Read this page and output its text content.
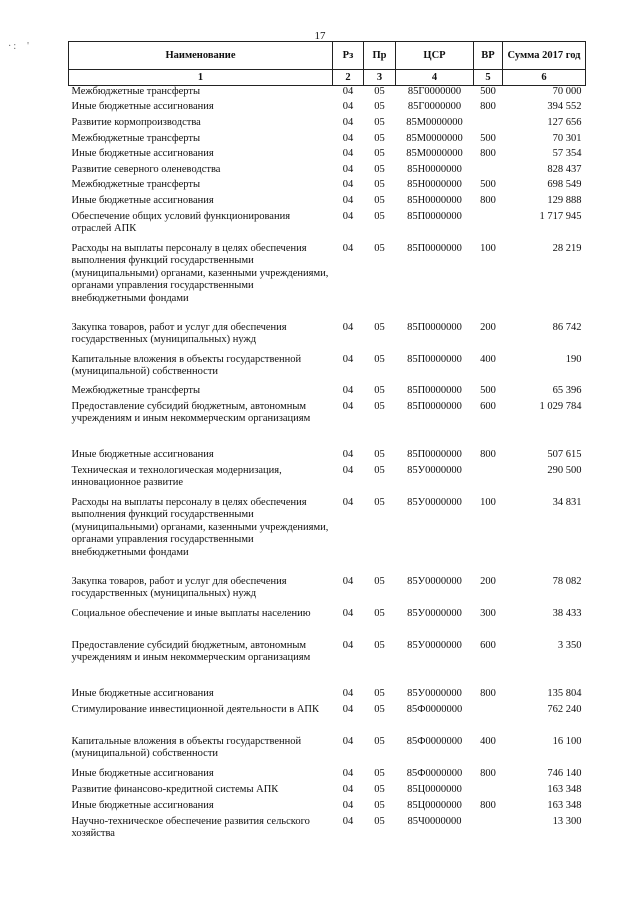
17
·:  '
Наименование	Рз	Пр	ЦСР	ВР	Сумма 2017 год
1	2	3	4	5	6
Межбюджетные трансферты	04	05	85Г0000000	500	70 000
Иные бюджетные ассигнования	04	05	85Г0000000	800	394 552
Развитие кормопроизводства	04	05	85М0000000		127 656
Межбюджетные трансферты	04	05	85М0000000	500	70 301
Иные бюджетные ассигнования	04	05	85М0000000	800	57 354
Развитие северного оленеводства	04	05	85Н0000000		828 437
Межбюджетные трансферты	04	05	85Н0000000	500	698 549
Иные бюджетные ассигнования	04	05	85Н0000000	800	129 888
Обеспечение общих условий функционирования отраслей АПК	04	05	85П0000000		1 717 945
Расходы на выплаты персоналу в целях обеспечения выполнения функций государственными (муниципальными) органами, казенными учреждениями, органами управления государственными внебюджетными фондами	04	05	85П0000000	100	28 219
Закупка товаров, работ и услуг для обеспечения государственных (муниципальных) нужд	04	05	85П0000000	200	86 742
Капитальные вложения в объекты государственной (муниципальной) собственности	04	05	85П0000000	400	190
Межбюджетные трансферты	04	05	85П0000000	500	65 396
Предоставление субсидий бюджетным, автономным учреждениям и иным некоммерческим организациям	04	05	85П0000000	600	1 029 784
Иные бюджетные ассигнования	04	05	85П0000000	800	507 615
Техническая и технологическая модернизация, инновационное развитие	04	05	85У0000000		290 500
Расходы на выплаты персоналу в целях обеспечения выполнения функций государственными (муниципальными) органами, казенными учреждениями, органами управления государственными внебюджетными фондами	04	05	85У0000000	100	34 831
Закупка товаров, работ и услуг для обеспечения государственных (муниципальных) нужд	04	05	85У0000000	200	78 082
Социальное обеспечение и иные выплаты населению	04	05	85У0000000	300	38 433
Предоставление субсидий бюджетным, автономным учреждениям и иным некоммерческим организациям	04	05	85У0000000	600	3 350
Иные бюджетные ассигнования	04	05	85У0000000	800	135 804
Стимулирование инвестиционной деятельности в АПК	04	05	85Ф0000000		762 240
Капитальные вложения в объекты государственной (муниципальной) собственности	04	05	85Ф0000000	400	16 100
Иные бюджетные ассигнования	04	05	85Ф0000000	800	746 140
Развитие финансово-кредитной системы АПК	04	05	85Ц0000000		163 348
Иные бюджетные ассигнования	04	05	85Ц0000000	800	163 348
Научно-техническое обеспечение развития сельского хозяйства	04	05	85Ч0000000		13 300
